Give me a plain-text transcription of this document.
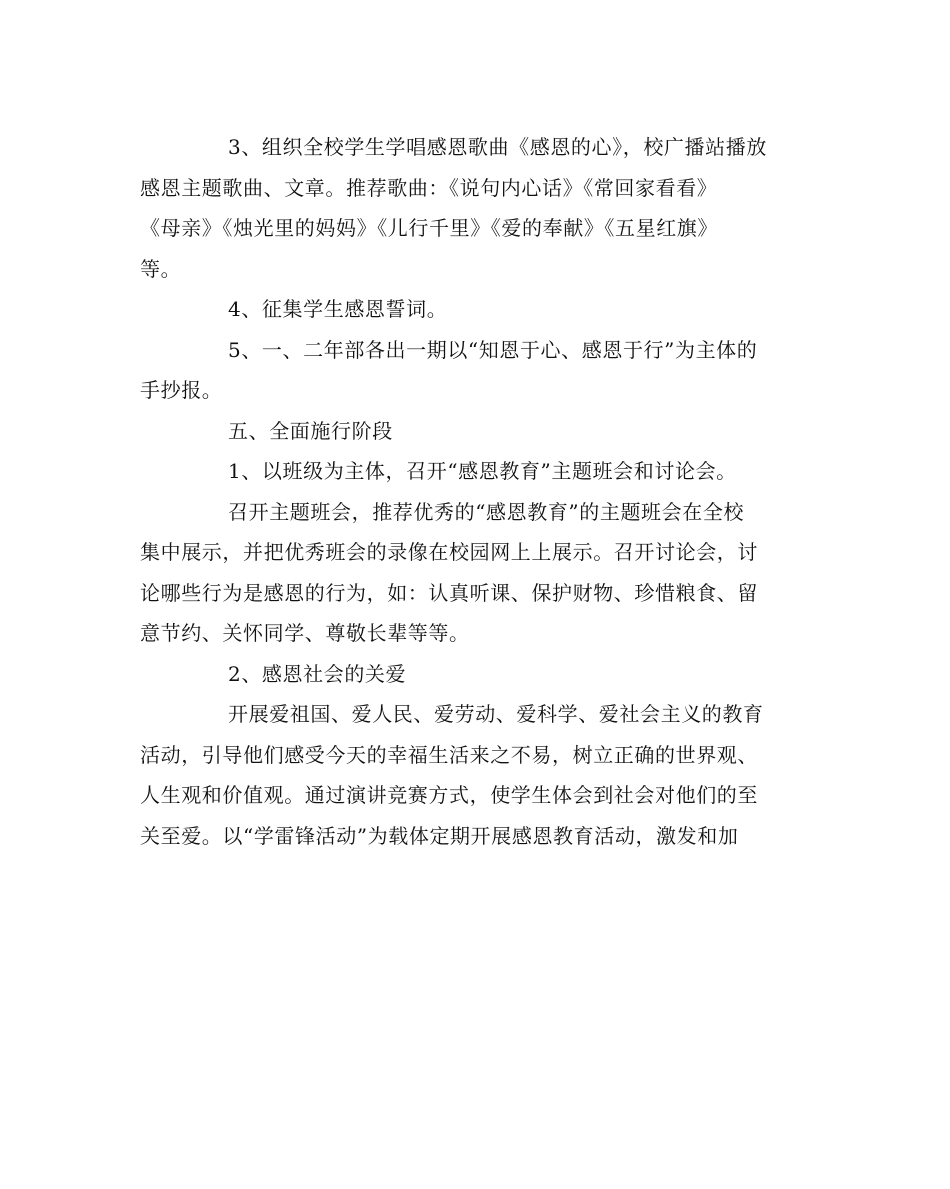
3、组织全校学生学唱感恩歌曲《感恩的心》，校广播站播放
感恩主题歌曲、文章。推荐歌曲：《说句内心话》《常回家看看》
《母亲》《烛光里的妈妈》《儿行千里》《爱的奉献》《五星红旗》
等。
4、征集学生感恩誓词。
5、一、二年部各出一期以“知恩于心、感恩于行”为主体的
手抄报。
五、全面施行阶段
1、以班级为主体，召开“感恩教育”主题班会和讨论会。
召开主题班会，推荐优秀的“感恩教育”的主题班会在全校
集中展示，并把优秀班会的录像在校园网上上展示。召开讨论会，讨
论哪些行为是感恩的行为，如：认真听课、保护财物、珍惜粮食、留
意节约、关怀同学、尊敬长辈等等。
2、感恩社会的关爱
开展爱祖国、爱人民、爱劳动、爱科学、爱社会主义的教育
活动，引导他们感受今天的幸福生活来之不易，树立正确的世界观、
人生观和价值观。通过演讲竞赛方式，使学生体会到社会对他们的至
关至爱。以“学雷锋活动”为载体定期开展感恩教育活动，激发和加
